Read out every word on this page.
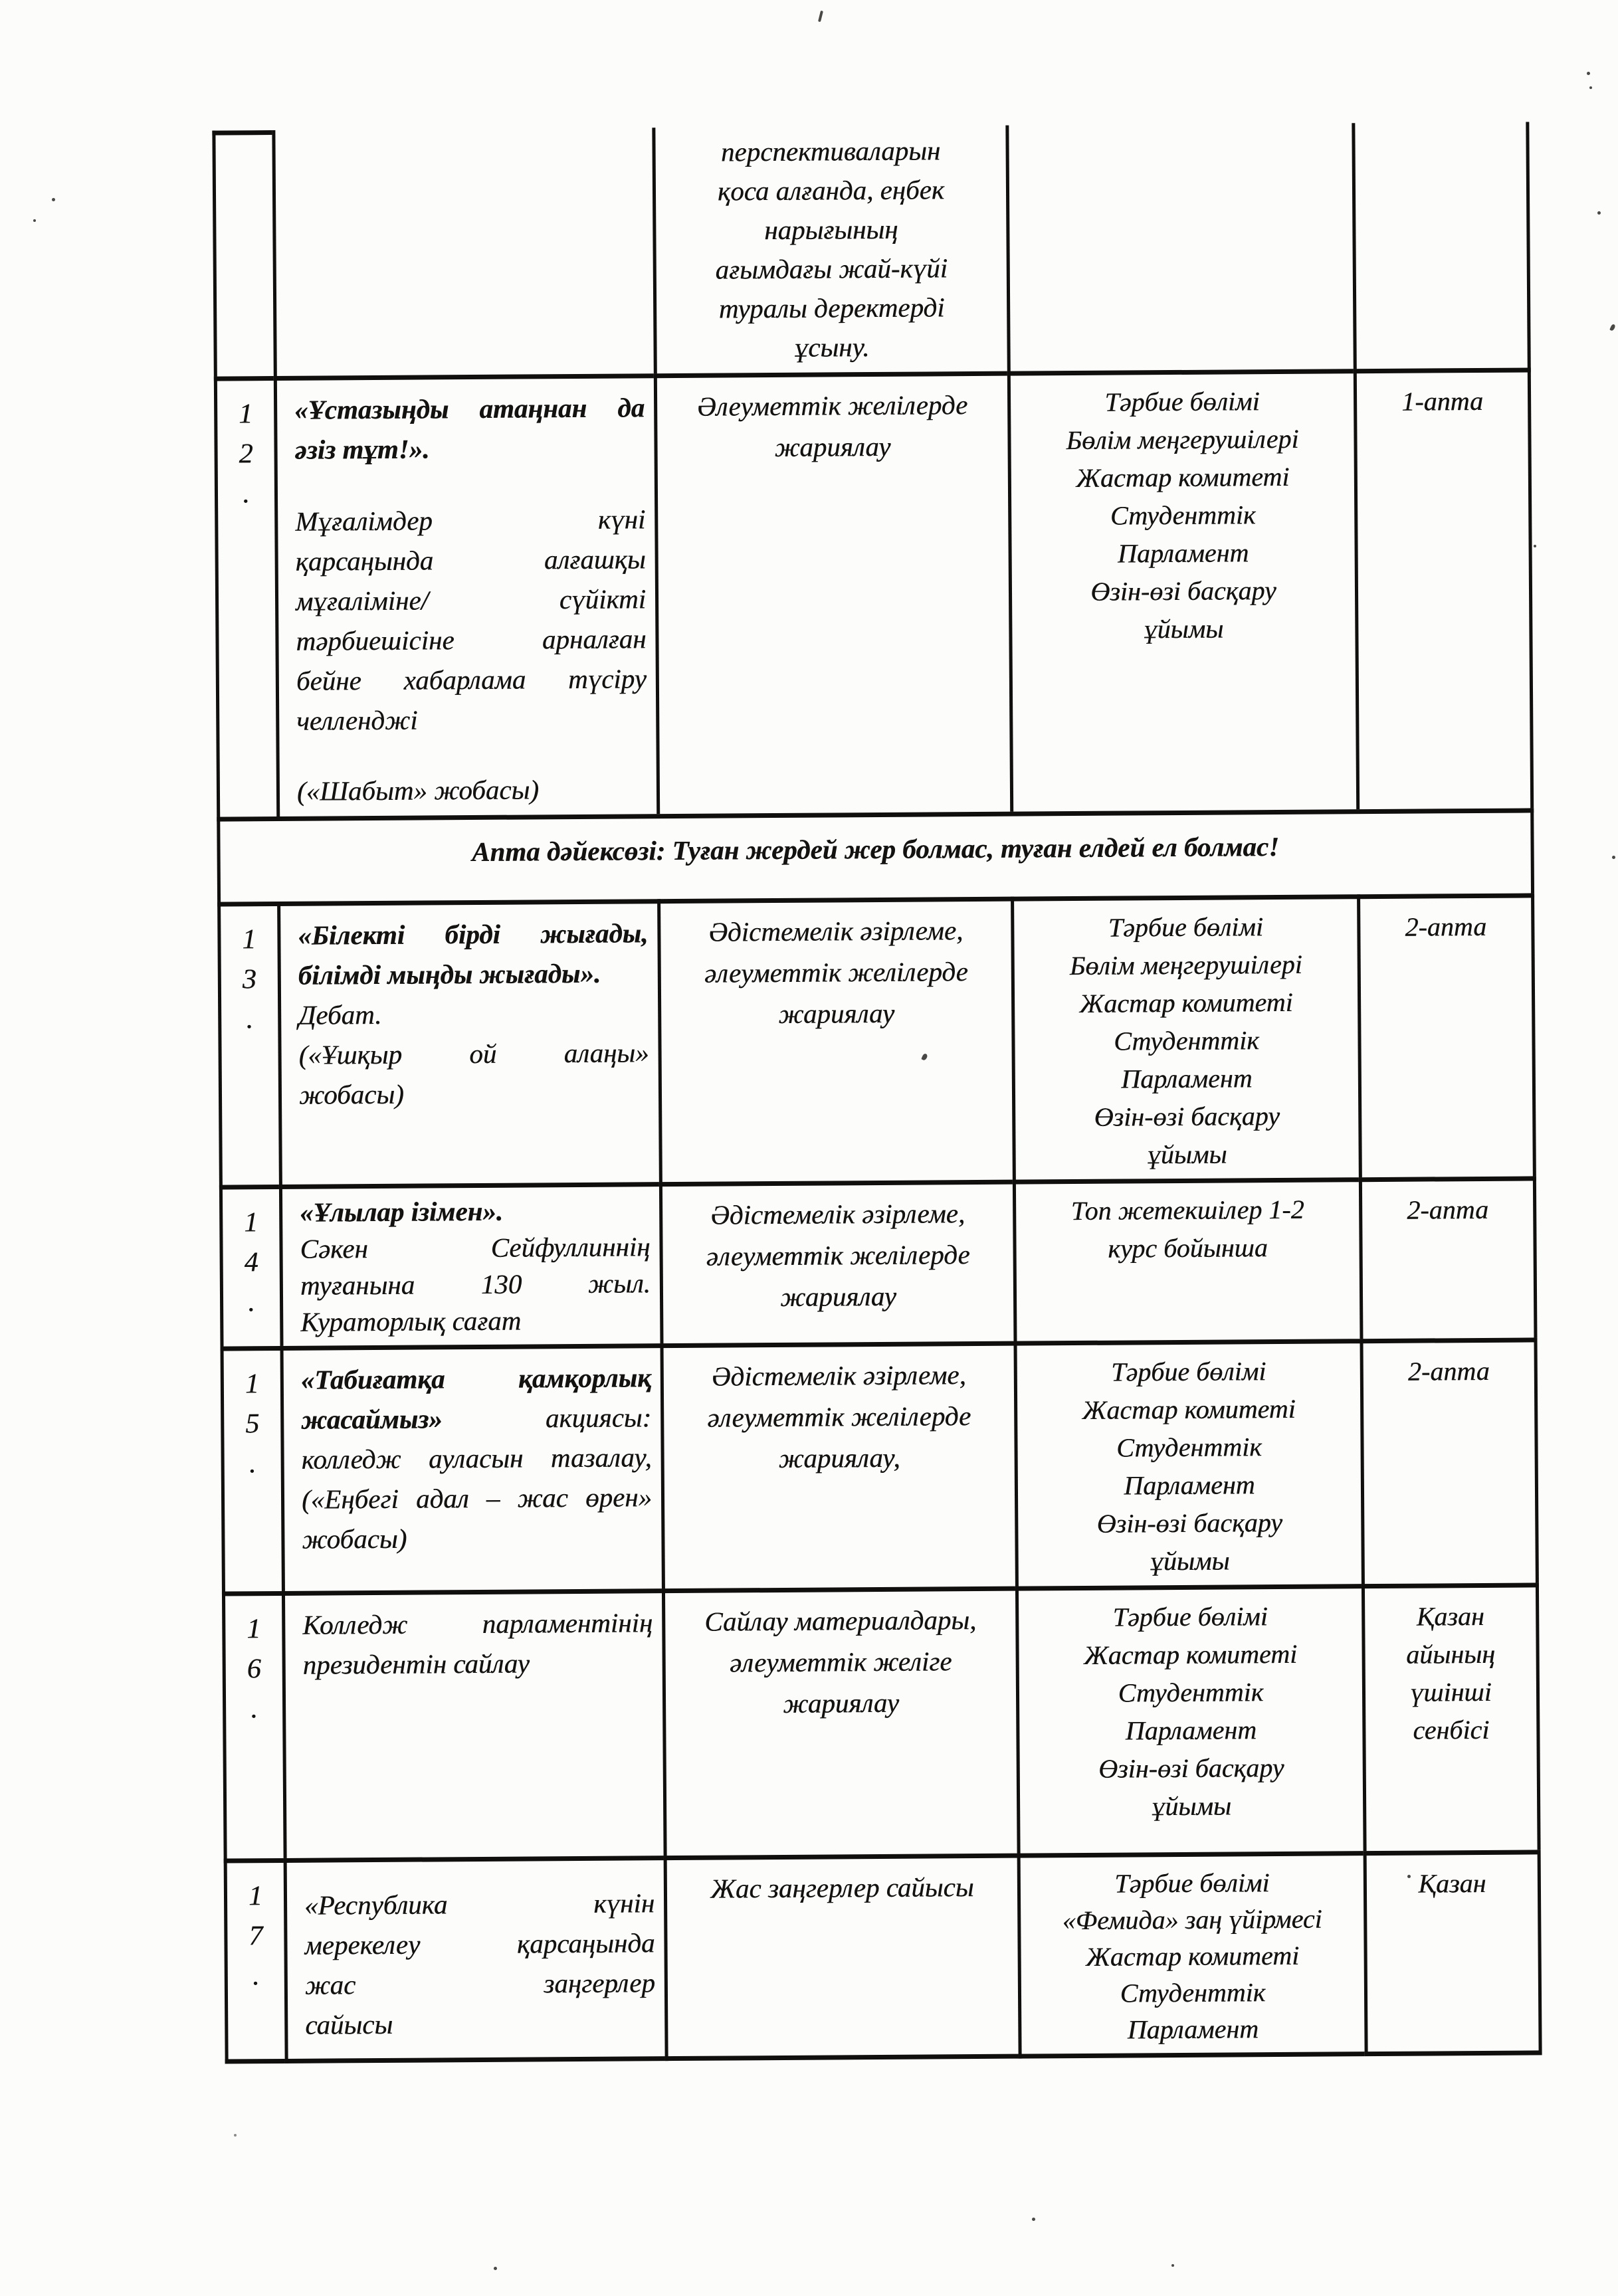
перспективаларын
қоса алғанда, еңбек
нарығының
ағымдағы жай-күйі
туралы деректерді
ұсыну.
1
2
.
«Ұстазыңды атаңнан да
әзіз тұт!».
Мұғалімдер күні
қарсаңында алғашқы
мұғаліміне/ сүйікті
тәрбиешісіне арналған
бейне хабарлама түсіру
челленджі
(«Шабыт» жобасы)
Әлеуметтік желілерде
жариялау
Тәрбие бөлімі
Бөлім меңгерушілері
Жастар комитеті
Студенттік
Парламент
Өзін-өзі басқару
ұйымы
1-апта
Апта дәйексөзі: Туған жердей жер болмас, туған елдей ел болмас!
1
3
.
«Білекті бірді жығады,
білімді мыңды жығады».
Дебат.
(«Ұшқыр ой алаңы»
жобасы)
Әдістемелік әзірлеме,
әлеуметтік желілерде
жариялау
Тәрбие бөлімі
Бөлім меңгерушілері
Жастар комитеті
Студенттік
Парламент
Өзін-өзі басқару
ұйымы
2-апта
1
4
.
«Ұлылар ізімен».
Сәкен Сейфуллиннің
туғанына 130 жыл.
Кураторлық сағат
Әдістемелік әзірлеме,
әлеуметтік желілерде
жариялау
Топ жетекшілер 1-2
курс бойынша
2-апта
1
5
.
«Табиғатқа қамқорлық
жасаймыз»	акциясы:
колледж ауласын тазалау,
(«Еңбегі адал – жас өрен»
жобасы)
Әдістемелік әзірлеме,
әлеуметтік желілерде
жариялау,
Тәрбие бөлімі
Жастар комитеті
Студенттік
Парламент
Өзін-өзі басқару
ұйымы
2-апта
1
6
.
Колледж парламентінің
президентін сайлау
Сайлау материалдары,
әлеуметтік желіге
жариялау
Тәрбие бөлімі
Жастар комитеті
Студенттік
Парламент
Өзін-өзі басқару
ұйымы
Қазан
айының
үшінші
сенбісі
1
7
.
«Республика күнін
мерекелеу қарсаңында
жас заңгерлер
сайысы
Жас заңгерлер сайысы	Тәрбие бөлімі
«Фемида» заң үйірмесі
Жастар комитеті
Студенттік
Парламент
Қазан
